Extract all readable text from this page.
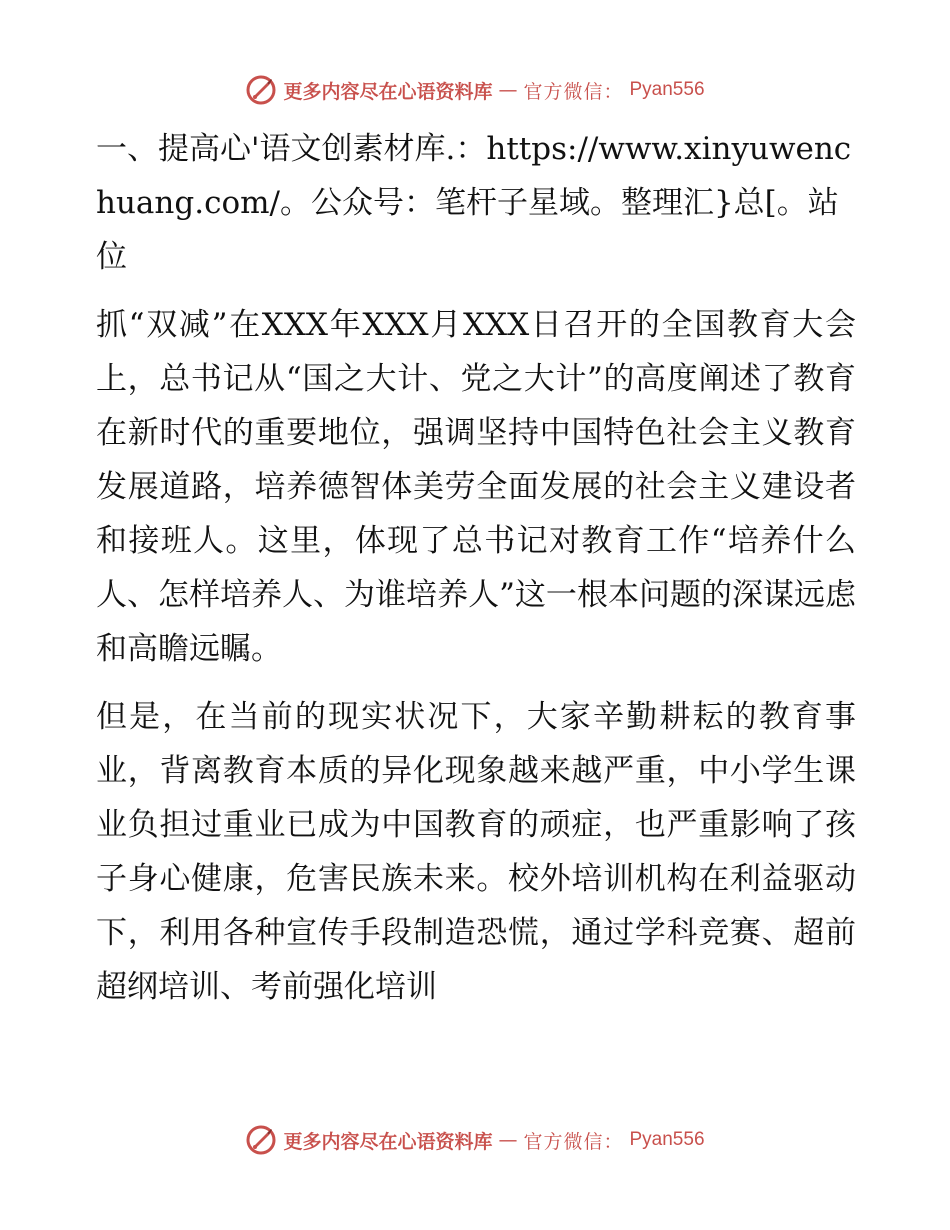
更多内容尽在心语资料库 — 官方微信： Pyan556
一、提高心'语文创素材库.：https://www.xinyuwenchuang.com/。公众号：笔杆子星域。整理汇}总[。站位
抓“双减”在XXX年XXX月XXX日召开的全国教育大会上，总书记从“国之大计、党之大计”的高度阐述了教育在新时代的重要地位，强调坚持中国特色社会主义教育发展道路，培养德智体美劳全面发展的社会主义建设者和接班人。这里，体现了总书记对教育工作“培养什么人、怎样培养人、为谁培养人”这一根本问题的深谋远虑和高瞻远瞩。
但是，在当前的现实状况下，大家辛勤耕耘的教育事业，背离教育本质的异化现象越来越严重，中小学生课业负担过重业已成为中国教育的顽症，也严重影响了孩子身心健康，危害民族未来。校外培训机构在利益驱动下，利用各种宣传手段制造恐慌，通过学科竞赛、超前超纲培训、考前强化培训
更多内容尽在心语资料库 — 官方微信： Pyan556
